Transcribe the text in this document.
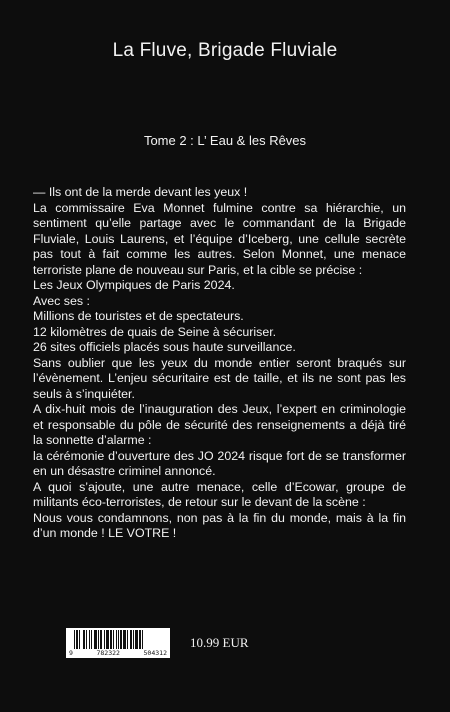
La Fluve, Brigade Fluviale
Tome 2 : L’ Eau & les Rêves

— Ils ont de la merde devant les yeux !

La commissaire Eva Monnet fulmine contre sa hiérarchie, un sentiment qu’elle partage avec le commandant de la Brigade Fluviale, Louis Laurens, et l’équipe d’Iceberg, une cellule secrète pas tout à fait comme les autres. Selon Monnet, une menace terroriste plane de nouveau sur Paris, et la cible se précise :

Les Jeux Olympiques de Paris 2024.

Avec ses :

Millions de touristes et de spectateurs.

12 kilomètres de quais de Seine à sécuriser.

26 sites officiels placés sous haute surveillance.

Sans oublier que les yeux du monde entier seront braqués sur l’évènement. L’enjeu sécuritaire est de taille, et ils ne sont pas les seuls à s’inquiéter.

A dix-huit mois de l’inauguration des Jeux, l’expert en criminologie et responsable du pôle de sécurité des renseignements a déjà tiré la sonnette d’alarme :

la cérémonie d’ouverture des JO 2024 risque fort de se transformer en un désastre criminel annoncé.

A quoi s’ajoute, une autre menace, celle d’Ecowar, groupe de militants éco-terroristes, de retour sur le devant de la scène :

Nous vous condamnons, non pas à la fin du monde, mais à la fin d’un monde ! LE VOTRE !

9	782322	504312
10.99 EUR
